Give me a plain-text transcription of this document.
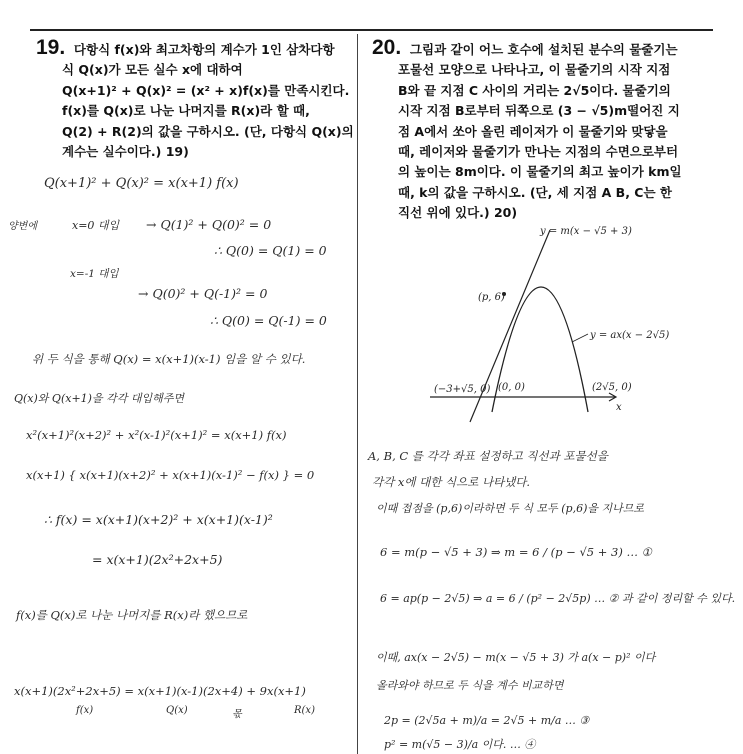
19. 다항식 f(x)와 최고차항의 계수가 1인 삼차다항
식 Q(x)가 모든 실수 x에 대하여
Q(x+1)² + Q(x)² = (x² + x)f(x)를 만족시킨다.
f(x)를 Q(x)로 나눈 나머지를 R(x)라 할 때,
Q(2) + R(2)의 값을 구하시오. (단, 다항식 Q(x)의
계수는 실수이다.) 19)
Q(x+1)² + Q(x)² = x(x+1) f(x)
양변에	x=0 대입 → Q(1)² + Q(0)² = 0
∴ Q(0) = Q(1) = 0
x=-1 대입
→ Q(0)² + Q(-1)² = 0
∴ Q(0) = Q(-1) = 0
위 두 식을 통해 Q(x) = x(x+1)(x-1) 임을 알 수 있다.
Q(x)와 Q(x+1)을 각각 대입해주면
x²(x+1)²(x+2)² + x²(x-1)²(x+1)² = x(x+1) f(x)
x(x+1) { x(x+1)(x+2)² + x(x+1)(x-1)² − f(x) } = 0
∴ f(x) = x(x+1)(x+2)² + x(x+1)(x-1)²
= x(x+1)(2x²+2x+5)
f(x)를 Q(x)로 나눈 나머지를 R(x)라 했으므로
x(x+1)(2x²+2x+5) = x(x+1)(x-1)(2x+4) + 9x(x+1)
f(x)	Q(x)	몫	R(x)
20. 그림과 같이 어느 호수에 설치된 분수의 물줄기는
포물선 모양으로 나타나고, 이 물줄기의 시작 지점
B와 끝 지점 C 사이의 거리는 2√5이다. 물줄기의
시작 지점 B로부터 뒤쪽으로 (3 − √5)m떨어진 지
점 A에서 쏘아 올린 레이저가 이 물줄기와 맞닿을
때, 레이저와 물줄기가 만나는 지점의 수면으로부터
의 높이는 8m이다. 이 물줄기의 최고 높이가 km일
때, k의 값을 구하시오. (단, 세 지점 A B, C는 한
직선 위에 있다.) 20)
x
y = m(x − √5 + 3)
y = ax(x − 2√5)
(p, 6)
(0, 0)
(−3+√5, 0)	(2√5, 0)
A, B, C 를 각각 좌표 설정하고 직선과 포물선을
각각 x에 대한 식으로 나타냈다.
이때 접점을 (p,6)이라하면 두 식 모두 (p,6)을 지나므로
6 = m(p − √5 + 3) ⇒ m = 6 / (p − √5 + 3) … ①
6 = ap(p − 2√5) ⇒ a = 6 / (p² − 2√5p) … ② 과 같이 정리할 수 있다.
이때, ax(x − 2√5) − m(x − √5 + 3) 가 a(x − p)² 이다
올라와야 하므로 두 식을 계수 비교하면
2p = (2√5a + m)/a = 2√5 + m/a … ③
p² = m(√5 − 3)/a 이다. … ④
